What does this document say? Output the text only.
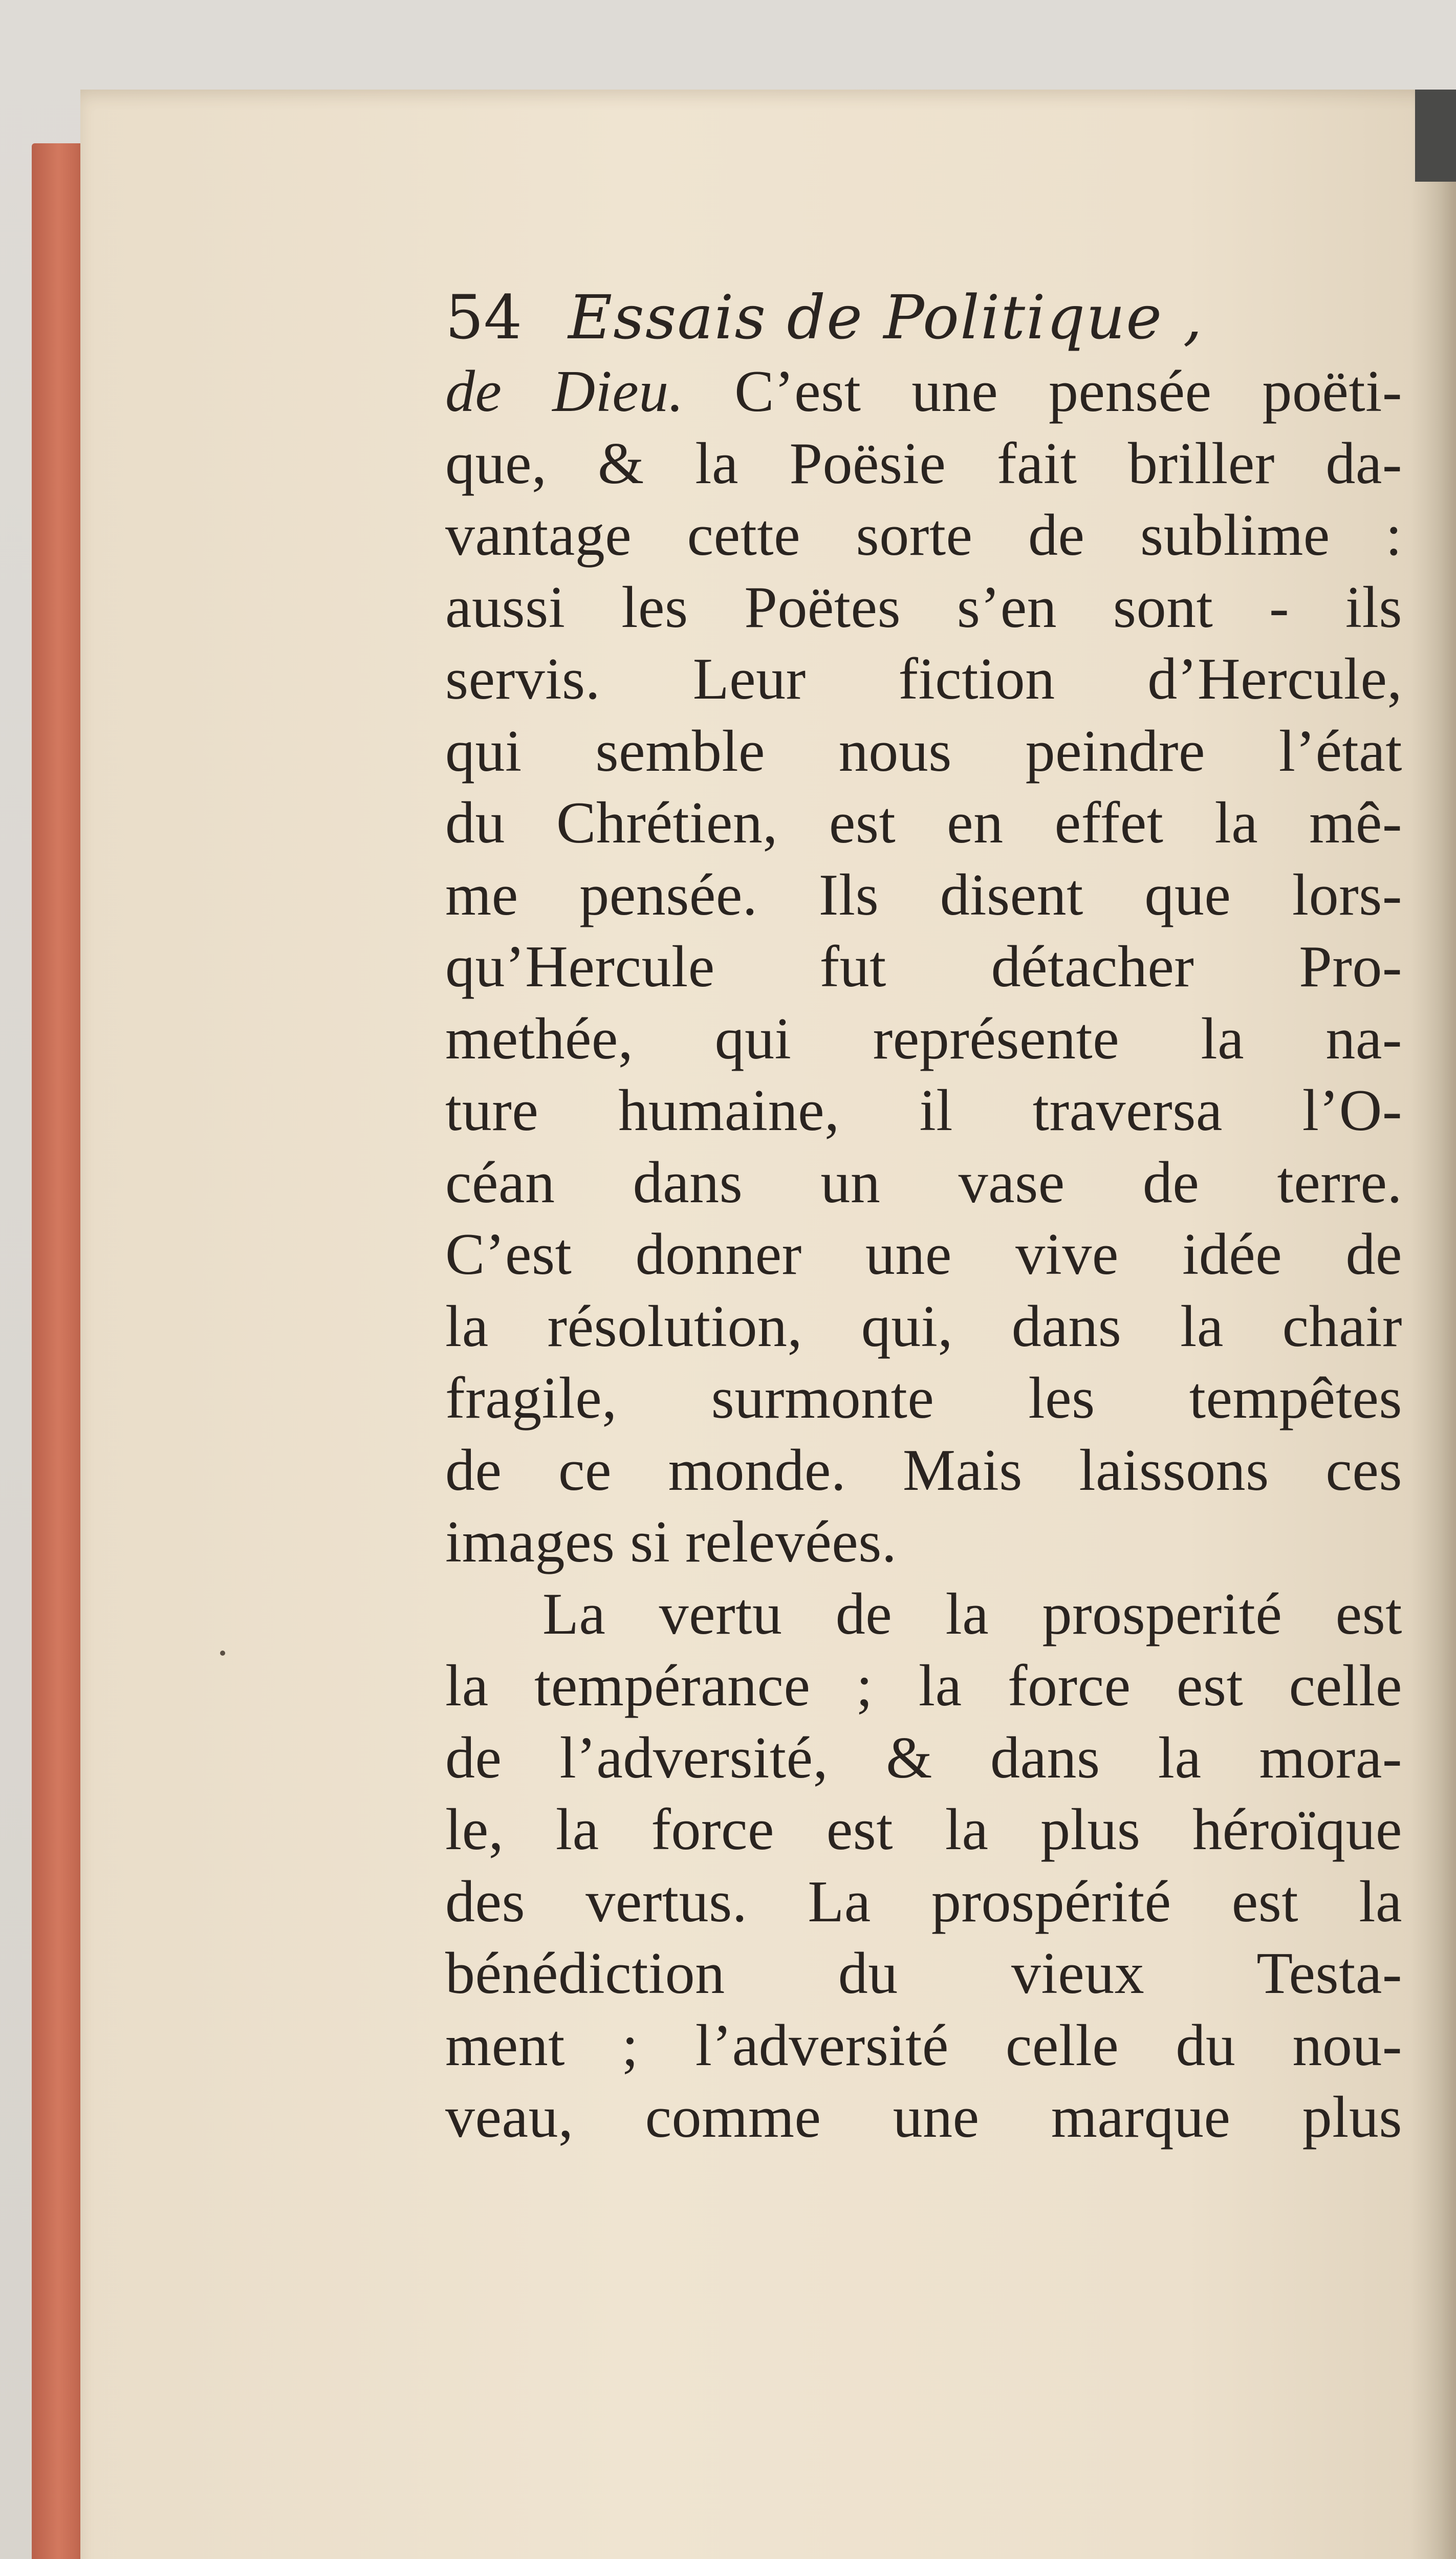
54 Essais de Politique ,
de Dieu. C’est une pensée poëti-
que, & la Poësie fait briller da-
vantage cette sorte de sublime :
aussi les Poëtes s’en sont - ils
servis. Leur fiction d’Hercule,
qui semble nous peindre l’état
du Chrétien, est en effet la mê-
me pensée. Ils disent que lors-
qu’Hercule fut détacher Pro-
methée, qui représente la na-
ture humaine, il traversa l’O-
céan dans un vase de terre.
C’est donner une vive idée de
la résolution, qui, dans la chair
fragile, surmonte les tempêtes
de ce monde. Mais laissons ces
images si relevées.
La vertu de la prosperité est
la tempérance ; la force est celle
de l’adversité, & dans la mora-
le, la force est la plus héroïque
des vertus. La prospérité est la
bénédiction du vieux Testa-
ment ; l’adversité celle du nou-
veau, comme une marque plus
